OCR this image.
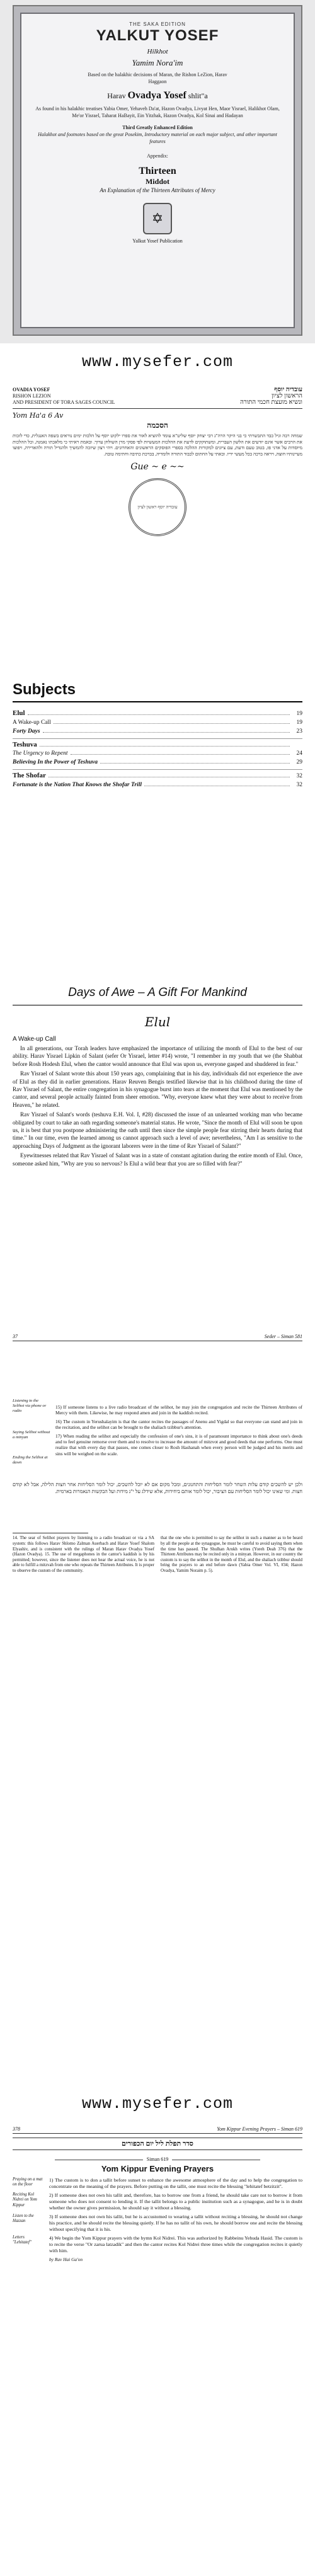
THE SAKA EDITION
YALKUT YOSEF
Hilkhot
Yamim Nora'im
Based on the halakhic decisions of Maran, the Rishon LeZion, Harav
Haggaon
Harav Ovadya Yosef shlit"a
As found in his halakhic treatises Yabia Omer, Yehaveh Da'at, Hazon Ovadya, Livyat Hen, Maor Yisrael, Halikhot Olam, Me'or Yisrael, Taharat HaBayit, Ein Yitzhak, Hazon Ovadya, Kol Sinai and Hadayan
Third Greatly Enhanced Edition
Halakhot and footnotes based on the great Posekim, Introductory material on each major subject, and other important features
Appendix:
Thirteen
Middot
An Explanation of the Thirteen Attributes of Mercy
✡
Yalkut Yosef Publication
www.mysefer.com
OVADIA YOSEF
RISHON LEZION
AND PRESIDENT OF TORA SAGES COUNCIL
עובדיה יוסף
הראשון לציון
ונשיא מועצת חכמי התורה
Yom Ha'a 6 Av
הסכמה
שמחה רבה וגיל כבד התבשרתי כי בני היקר הרה"ג רבי יצחק יוסף שליט"א עומד להוציא לאור את ספרו ילקוט יוסף על הלכות ימים נוראים בשפה האנגלית, כדי לזכות את הרבים אשר אינם יודעים את הלשון העברית, ומשתוקקים לדעת את ההלכות המעשיות לפי פסקי מרן השולחן ערוך. ובאמת ראיתי כי מלאכתו נאמנה, וכל ההלכות מיוסדות על אדני פז, בטוב טעם ודעת, עם ציונים למקורות ההלכה בספרי הפוסקים הראשונים והאחרונים. ויהי רצון שיזכה להמשיך ולהגדיל תורה ולהאדירה, ויפוצו מעיינותיו חוצה, ויראה ברכה בכל מעשי ידיו. ובאתי על החתום לכבוד התורה ולומדיה, בברכת כתיבה וחתימה טובה.
Gue ~ e ~~
עובדיה יוסף ראשון לציון
Subjects
Elul	19
A Wake-up Call	19
Forty Days	23
Teshuva
The Urgency to Repent	24
Believing In the Power of Teshuva	29
The Shofar	32
Fortunate is the Nation That Knows the Shofar Trill	32
Days of Awe – A Gift For Mankind
Elul
A Wake-up Call

In all generations, our Torah leaders have emphasized the importance of utilizing the month of Elul to the best of our ability. Harav Yisrael Lipkin of Salant (sefer Or Yisrael, letter #14) wrote, "I remember in my youth that we (the Shabbat before Rosh Hodesh Elul, when the cantor would announce that Elul was upon us, everyone gasped and shuddered in fear."

Rav Yisrael of Salant wrote this about 150 years ago, complaining that in his day, individuals did not experience the awe of Elul as they did in earlier generations. Harav Reuven Bengis testified likewise that in his childhood during the time of Rav Yisrael of Salant, the entire congregation in his synagogue burst into tears at the moment that Elul was mentioned by the cantor, and several people actually fainted from sheer emotion. "Why, everyone knew what they were about to receive from Heaven," he related.

Rav Yisrael of Salant's words (teshuva E.H. Vol. I, #28) discussed the issue of an unlearned working man who became obligated by court to take an oath regarding someone's material status. He wrote, "Since the month of Elul will soon be upon us, it is best that you postpone administering the oath until then since the simple people fear stirring their hearts during that time." In our time, even the learned among us cannot approach such a level of awe; nevertheless, "Am I as sensitive to the approaching Days of Judgment as the ignorant laborers were in the time of Rav Yisrael of Salant?"

Eyewitnesses related that Rav Yisrael of Salant was in a state of constant agitation during the entire month of Elul. Once, someone asked him, "Why are you so nervous? Is Elul a wild bear that you are so filled with fear?"

37	Seder – Siman 581
Listening to the Selihot via phone or radio
Saying Selihot without a minyan
Ending the Selihot at dawn

15) If someone listens to a live radio broadcast of the selihot, he may join the congregation and recite the Thirteen Attributes of Mercy with them. Likewise, he may respond amen and join in the kaddish recited.

16) The custom in Yerushalayim is that the cantor recites the passages of Anenu and Yigdal so that everyone can stand and join in the recitation, and the selihot can be brought to the shaliach tzibbur's attention.

17) When reading the selihot and especially the confession of one's sins, it is of paramount importance to think about one's deeds and to feel genuine remorse over them and to resolve to increase the amount of mitzvot and good deeds that one performs. One must realize that with every day that passes, one comes closer to Rosh Hashanah when every person will be judged and his merits and sins will be weighed on the scale.

ולכן יש להשכים קודם עלות השחר לומר הסליחות והתחנונים, ומכל מקום אם לא יוכל להשכים, יכול לומר הסליחות אחר חצות הלילה, אבל לא קודם חצות. ומי שאינו יכול לומר הסליחות עם הציבור, יכול לומר אותם ביחידות, אלא שידלג על י"ג מידות ועל הבקשות הנאמרות בארמית.
14. The sear of Selihot prayers by listening to a radio broadcast or via a SA system: this follows Harav Shlomo Zalman Auerbach and Harav Yosef Shalom Elyashiv, and is consistent with the rulings of Maran Harav Ovadya Yosef (Hazon Ovadya). 15. The use of megaphones in the cantor's kaddish is by his permitted; however, since the listener does not hear the actual voice, he is not able to fulfill a mitzvah from one who repeats the Thirteen Attributes. It is proper to observe the custom of the community.
that the one who is permitted to say the selihot in such a manner as to be heard by all the people at the synagogue, he must be careful to avoid saying them when the time has passed. The Shulhan Arukh writes (Yoreh Deah 376) that the Thirteen Attributes may be recited only in a minyan. However, in our country the custom is to say the selihot in the month of Elul, and the shaliach tzibbur should bring the prayers to an end before dawn (Yabia Omer Vol. VI, #34; Hazon Ovadya, Yamim Noraim p. 5).
www.mysefer.com
378	Yom Kippur Evening Prayers – Siman 619
סדר תפלת ליל יום הכפורים
Siman 619
Yom Kippur Evening Prayers
Praying on a mat on the floor
1) The custom is to don a tallit before sunset to enhance the awesome atmosphere of the day and to help the congregation to concentrate on the meaning of the prayers. Before putting on the tallit, one must recite the blessing "lehitatef betzitzit".
Reciting Kol Nidrei on Yom Kippur
2) If someone does not own his tallit and, therefore, has to borrow one from a friend, he should take care not to borrow it from someone who does not consent to lending it. If the tallit belongs to a public institution such as a synagogue, and he is in doubt whether the owner gives permission, he should say it without a blessing.
Listen to the Hazzan
3) If someone does not own his tallit, but he is accustomed to wearing a tallit without reciting a blessing, he should not change his practice, and he should recite the blessing quietly. If he has no tallit of his own, he should borrow one and recite the blessing without specifying that it is his.
Letters "Lehitatef"
4) We begin the Yom Kippur prayers with the hymn Kol Nidrei. This was authorized by Rabbeinu Yehuda Hasid. The custom is to recite the verse "Or zarua latzadik" and then the cantor recites Kol Nidrei three times while the congregation recites it quietly with him.
by Rav Hai Ga'on
